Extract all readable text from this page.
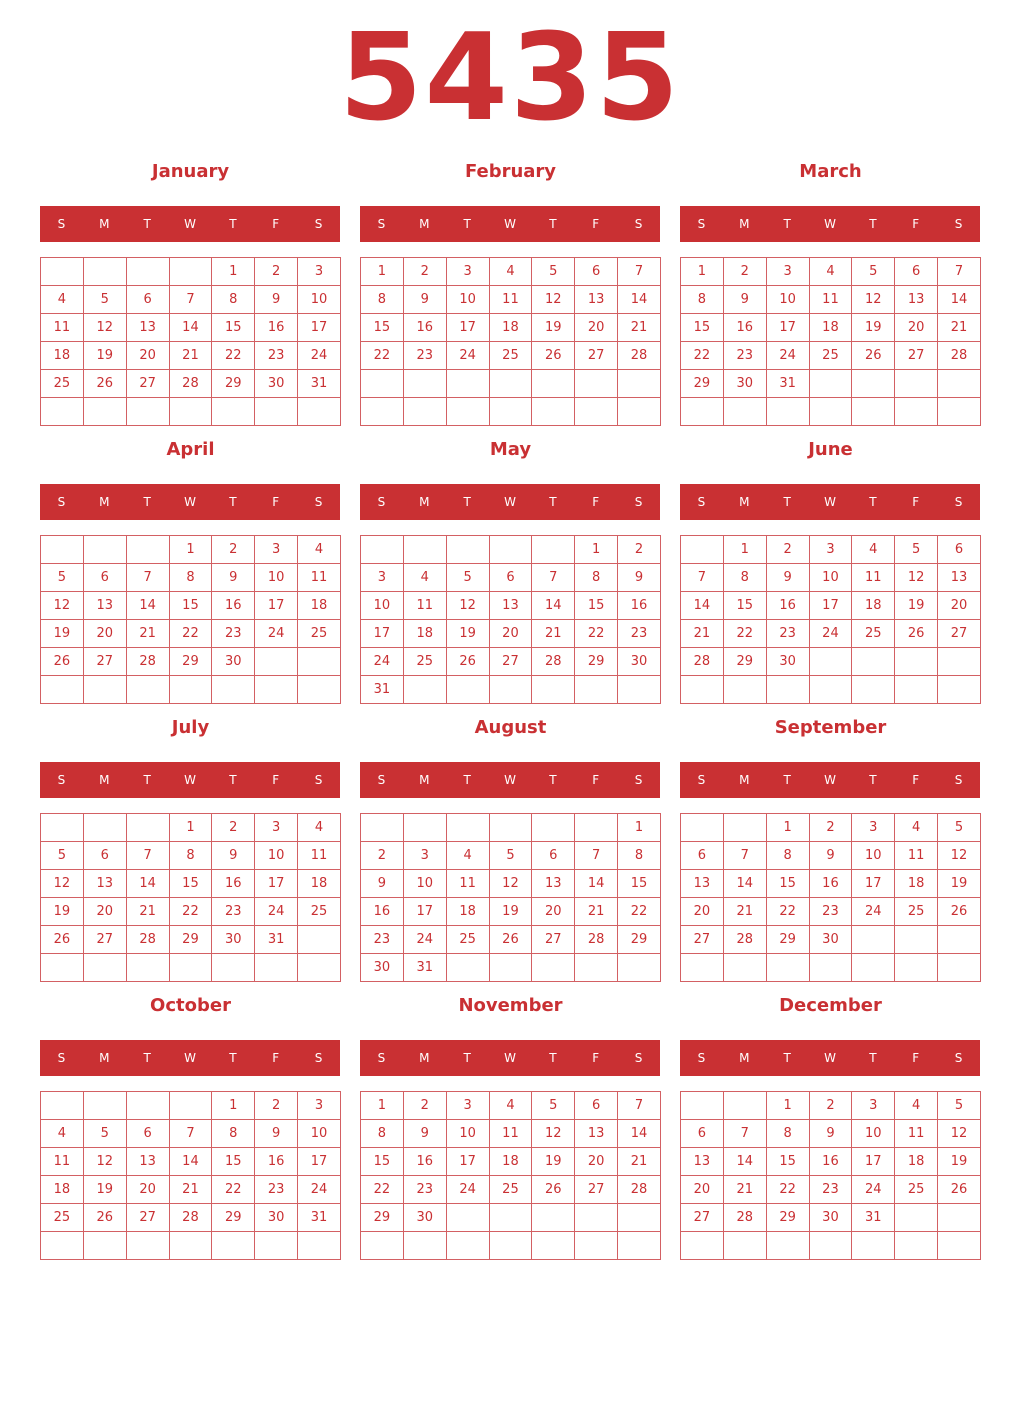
5435
January
S	M	T	W	T	F	S
				1	2	3
4	5	6	7	8	9	10
11	12	13	14	15	16	17
18	19	20	21	22	23	24
25	26	27	28	29	30	31

February
S	M	T	W	T	F	S
1	2	3	4	5	6	7
8	9	10	11	12	13	14
15	16	17	18	19	20	21
22	23	24	25	26	27	28

March
S	M	T	W	T	F	S
1	2	3	4	5	6	7
8	9	10	11	12	13	14
15	16	17	18	19	20	21
22	23	24	25	26	27	28
29	30	31				

April
S	M	T	W	T	F	S
			1	2	3	4
5	6	7	8	9	10	11
12	13	14	15	16	17	18
19	20	21	22	23	24	25
26	27	28	29	30		

May
S	M	T	W	T	F	S
					1	2
3	4	5	6	7	8	9
10	11	12	13	14	15	16
17	18	19	20	21	22	23
24	25	26	27	28	29	30
31						
June
S	M	T	W	T	F	S
	1	2	3	4	5	6
7	8	9	10	11	12	13
14	15	16	17	18	19	20
21	22	23	24	25	26	27
28	29	30				

July
S	M	T	W	T	F	S
			1	2	3	4
5	6	7	8	9	10	11
12	13	14	15	16	17	18
19	20	21	22	23	24	25
26	27	28	29	30	31	

August
S	M	T	W	T	F	S
						1
2	3	4	5	6	7	8
9	10	11	12	13	14	15
16	17	18	19	20	21	22
23	24	25	26	27	28	29
30	31					
September
S	M	T	W	T	F	S
		1	2	3	4	5
6	7	8	9	10	11	12
13	14	15	16	17	18	19
20	21	22	23	24	25	26
27	28	29	30			

October
S	M	T	W	T	F	S
				1	2	3
4	5	6	7	8	9	10
11	12	13	14	15	16	17
18	19	20	21	22	23	24
25	26	27	28	29	30	31

November
S	M	T	W	T	F	S
1	2	3	4	5	6	7
8	9	10	11	12	13	14
15	16	17	18	19	20	21
22	23	24	25	26	27	28
29	30					

December
S	M	T	W	T	F	S
		1	2	3	4	5
6	7	8	9	10	11	12
13	14	15	16	17	18	19
20	21	22	23	24	25	26
27	28	29	30	31		
